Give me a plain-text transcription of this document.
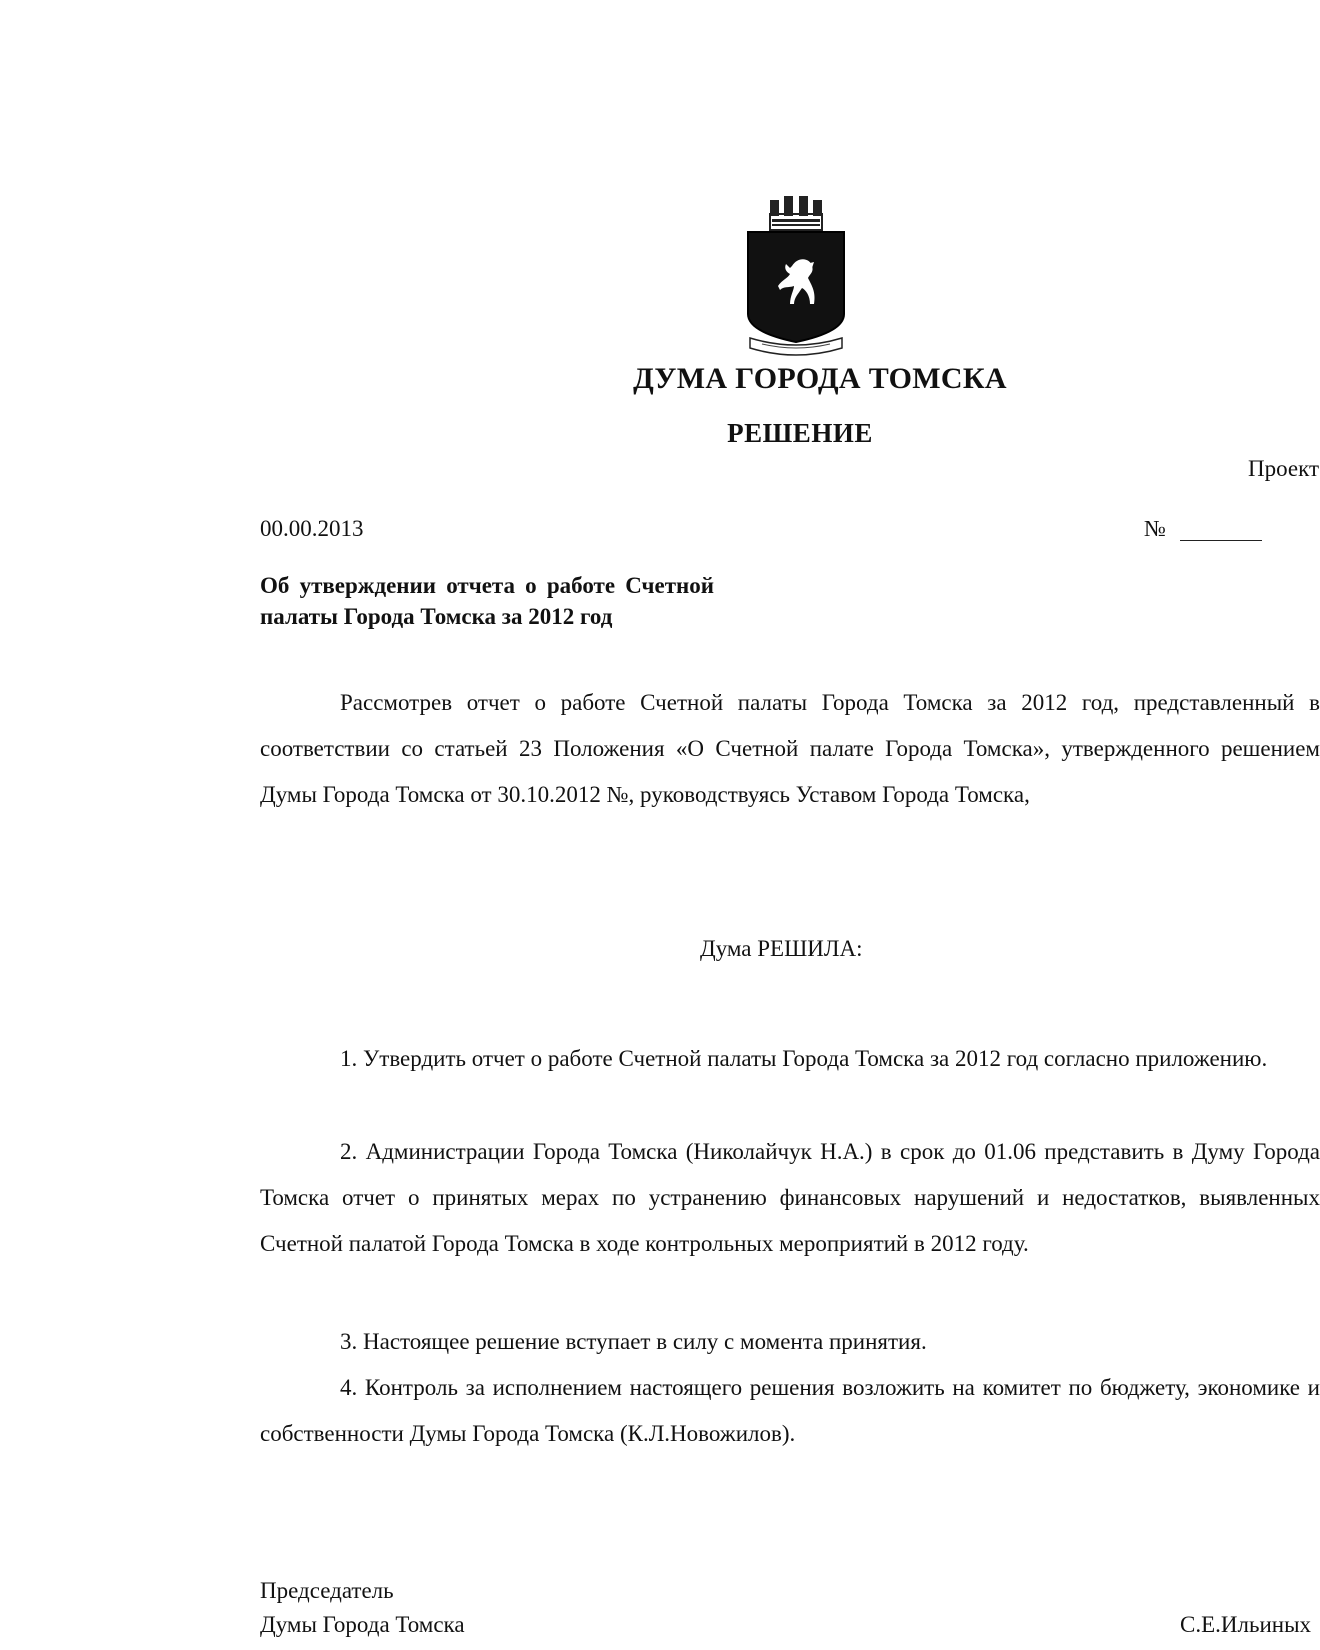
ДУМА ГОРОДА ТОМСКА
РЕШЕНИЕ
Проект
00.00.2013	№
Об утверждении отчета о работе Счетной палаты Города Томска за 2012 год
Рассмотрев отчет о работе Счетной палаты Города Томска за 2012 год, представленный в соответствии со статьей 23 Положения «О Счетной палате Города Томска», утвержденного решением Думы Города Томска от 30.10.2012 №, руководствуясь Уставом Города Томска,
Дума РЕШИЛА:
1. Утвердить отчет о работе Счетной палаты Города Томска за 2012 год согласно приложению.
2. Администрации Города Томска (Николайчук Н.А.) в срок до 01.06 представить в Думу Города Томска отчет о принятых мерах по устранению финансовых нарушений и недостатков, выявленных Счетной палатой Города Томска в ходе контрольных мероприятий в 2012 году.
3. Настоящее решение вступает в силу с момента принятия.
4. Контроль за исполнением настоящего решения возложить на комитет по бюджету, экономике и собственности Думы Города Томска (К.Л.Новожилов).
Председатель
Думы Города Томска	С.Е.Ильиных
